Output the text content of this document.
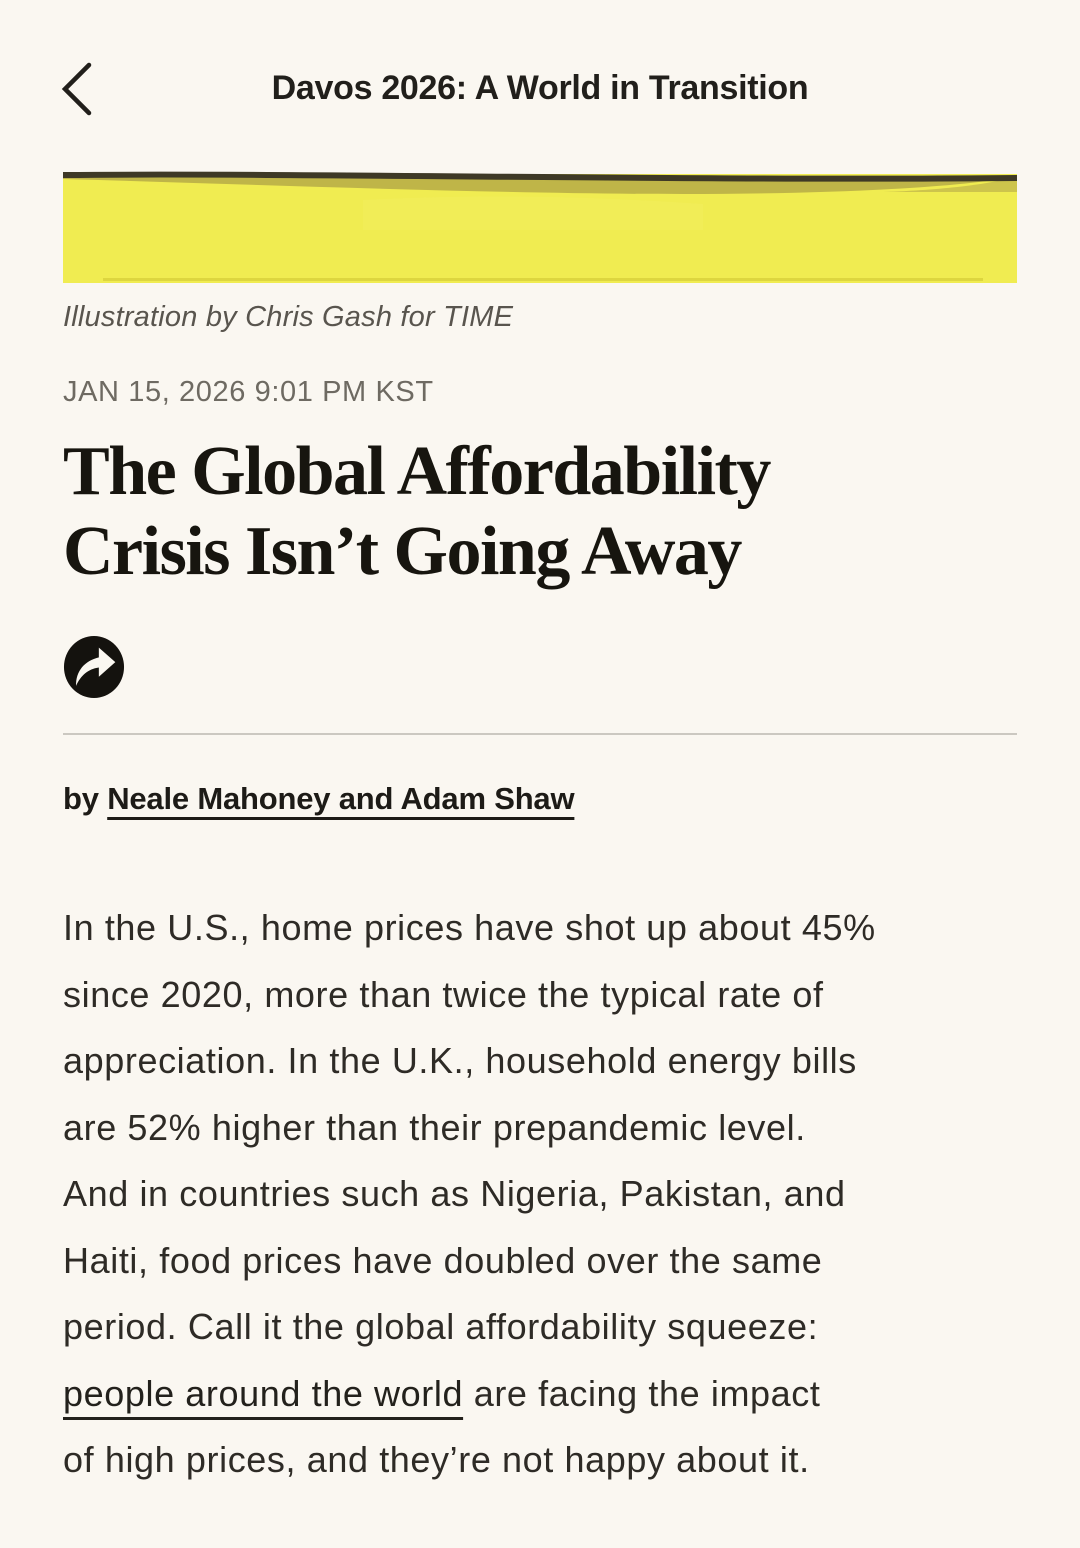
Davos 2026: A World in Transition
Illustration by Chris Gash for TIME
JAN 15, 2026 9:01 PM KST
The Global Affordability
Crisis Isn’t Going Away
by Neale Mahoney and Adam Shaw
In the U.S., home prices have shot up about 45%
since 2020, more than twice the typical rate of
appreciation. In the U.K., household energy bills
are 52% higher than their prepandemic level.
And in countries such as Nigeria, Pakistan, and
Haiti, food prices have doubled over the same
period. Call it the global affordability squeeze:
people around the world are facing the impact
of high prices, and they’re not happy about it.
